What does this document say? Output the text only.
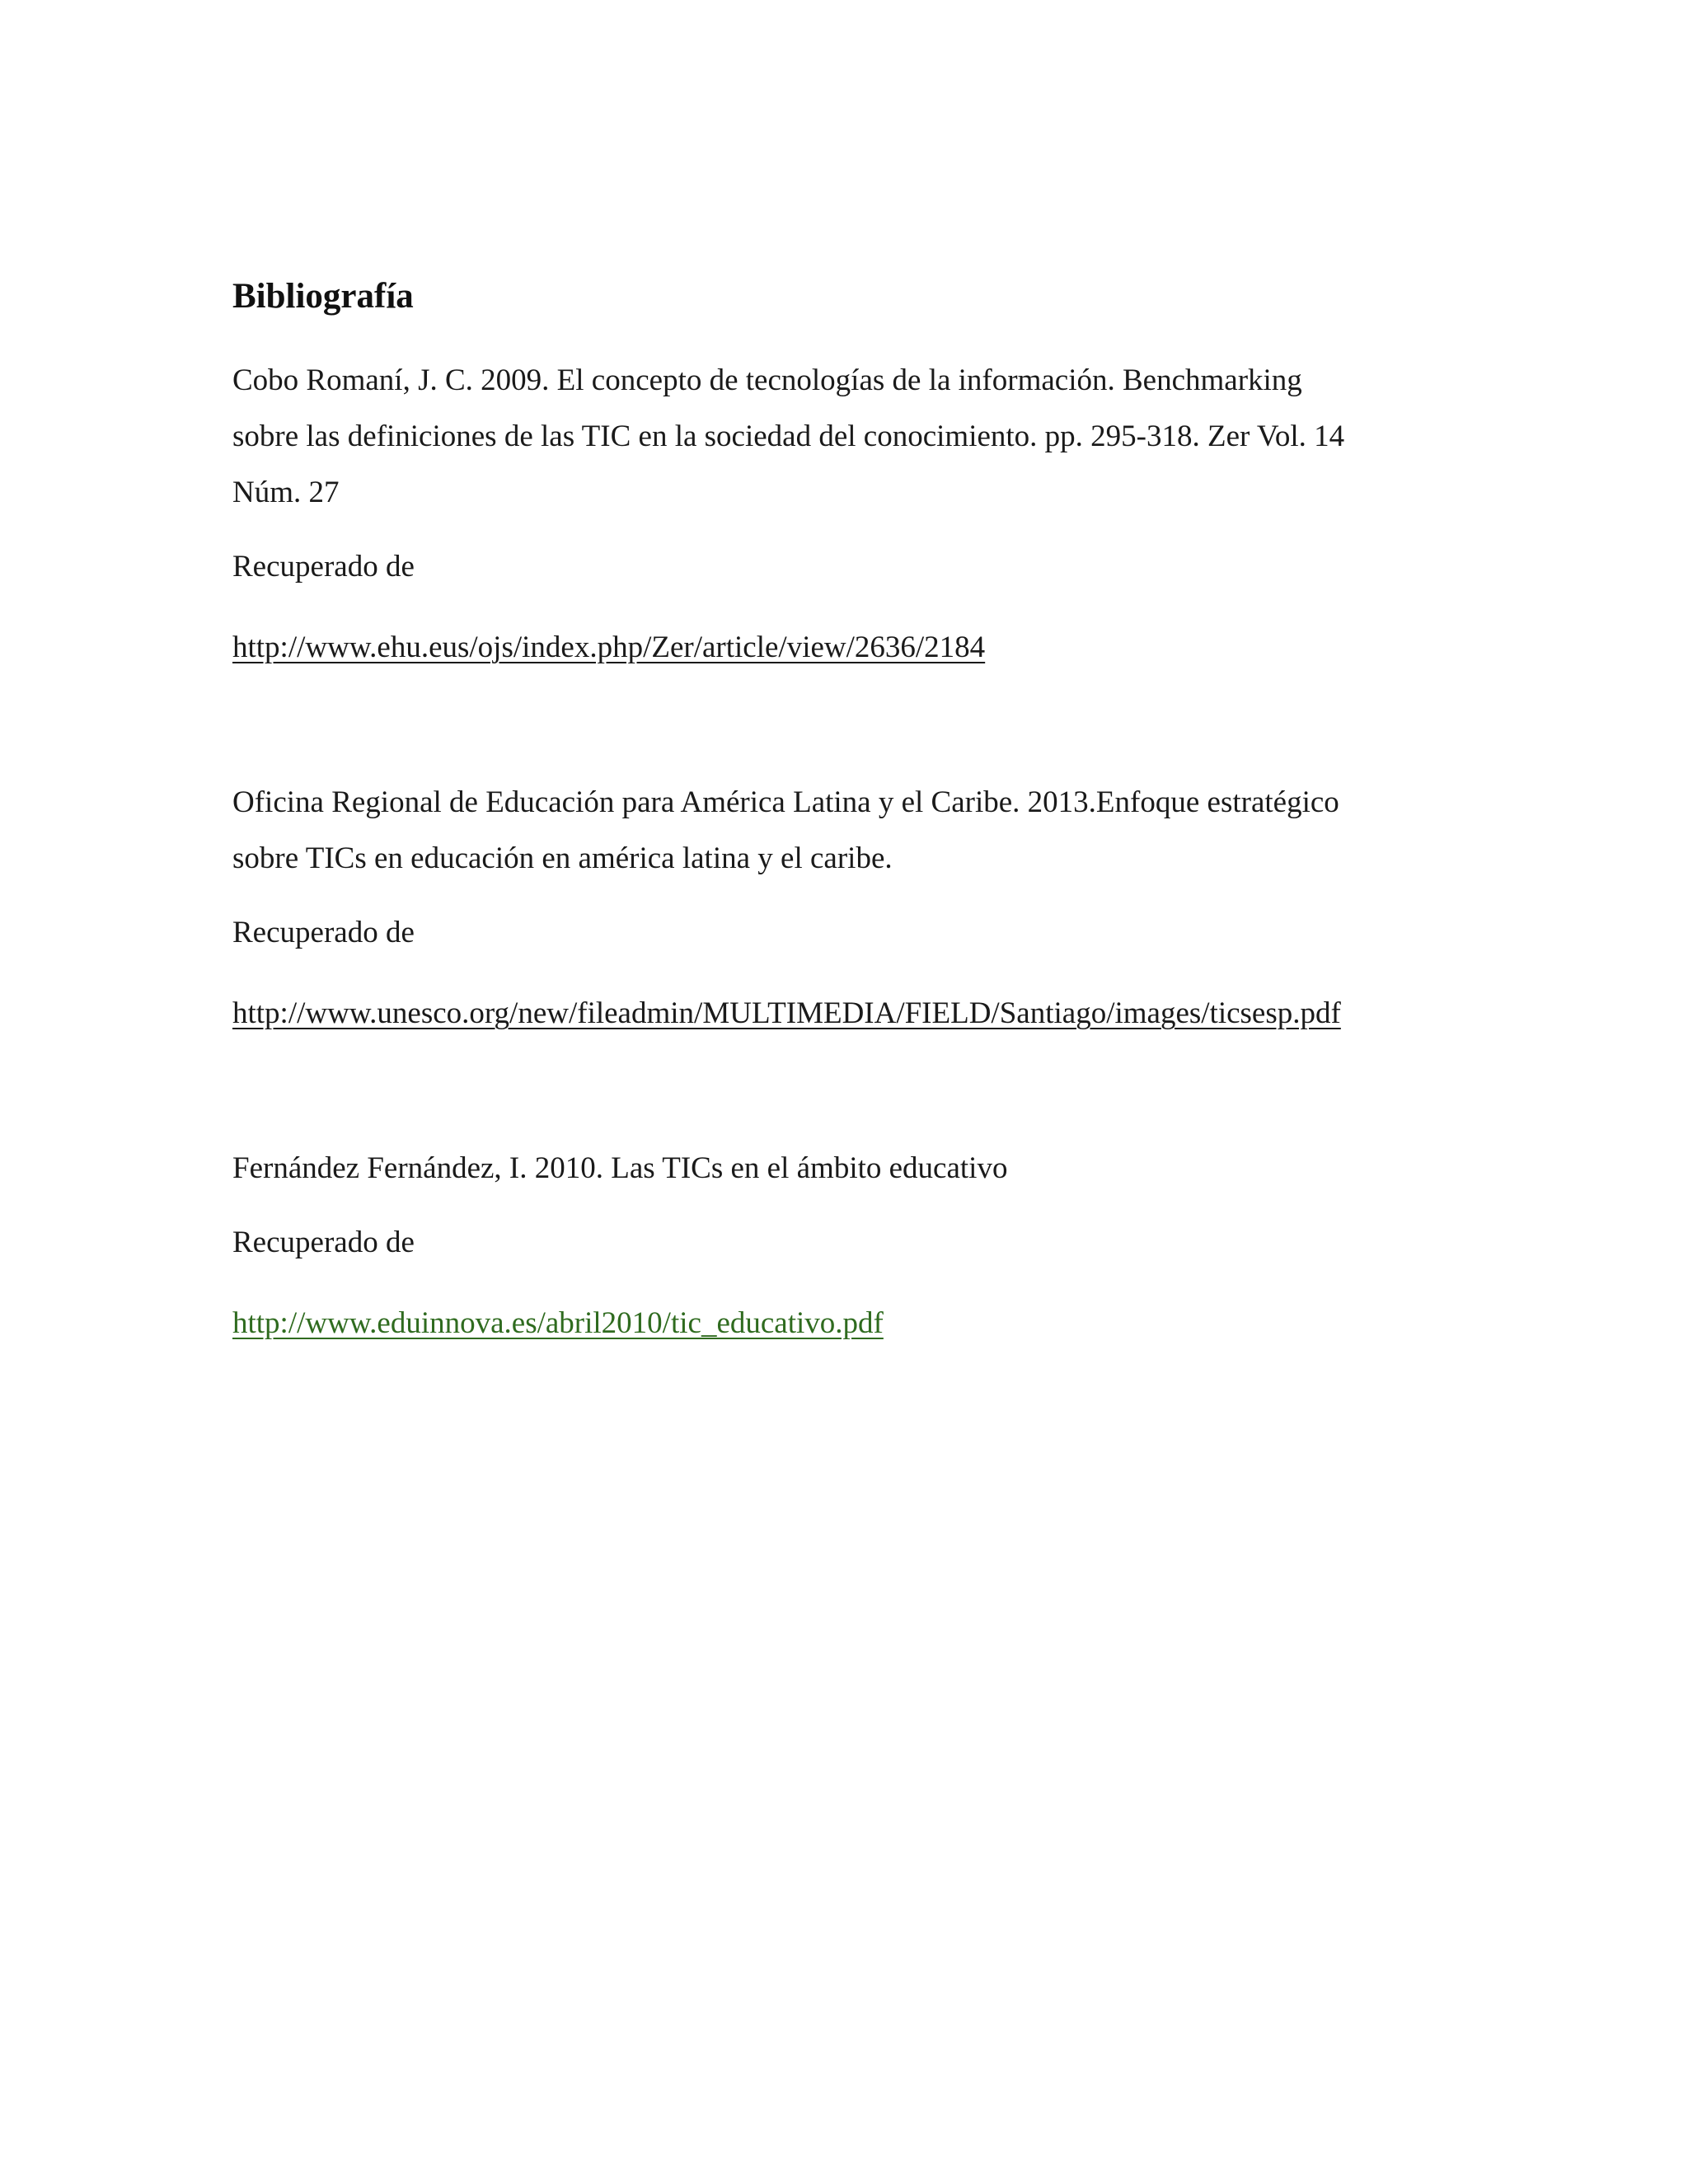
Bibliografía

Cobo Romaní, J. C. 2009. El concepto de tecnologías de la información. Benchmarking

sobre las definiciones de las TIC en la sociedad del conocimiento. pp. 295-318. Zer Vol. 14

Núm. 27

Recuperado de

http://www.ehu.eus/ojs/index.php/Zer/article/view/2636/2184

Oficina Regional de Educación para América Latina y el Caribe. 2013.Enfoque estratégico

sobre TICs en educación en américa latina y el caribe.

Recuperado de

http://www.unesco.org/new/fileadmin/MULTIMEDIA/FIELD/Santiago/images/ticsesp.pdf

Fernández Fernández, I. 2010. Las TICs en el ámbito educativo

Recuperado de

http://www.eduinnova.es/abril2010/tic_educativo.pdf
